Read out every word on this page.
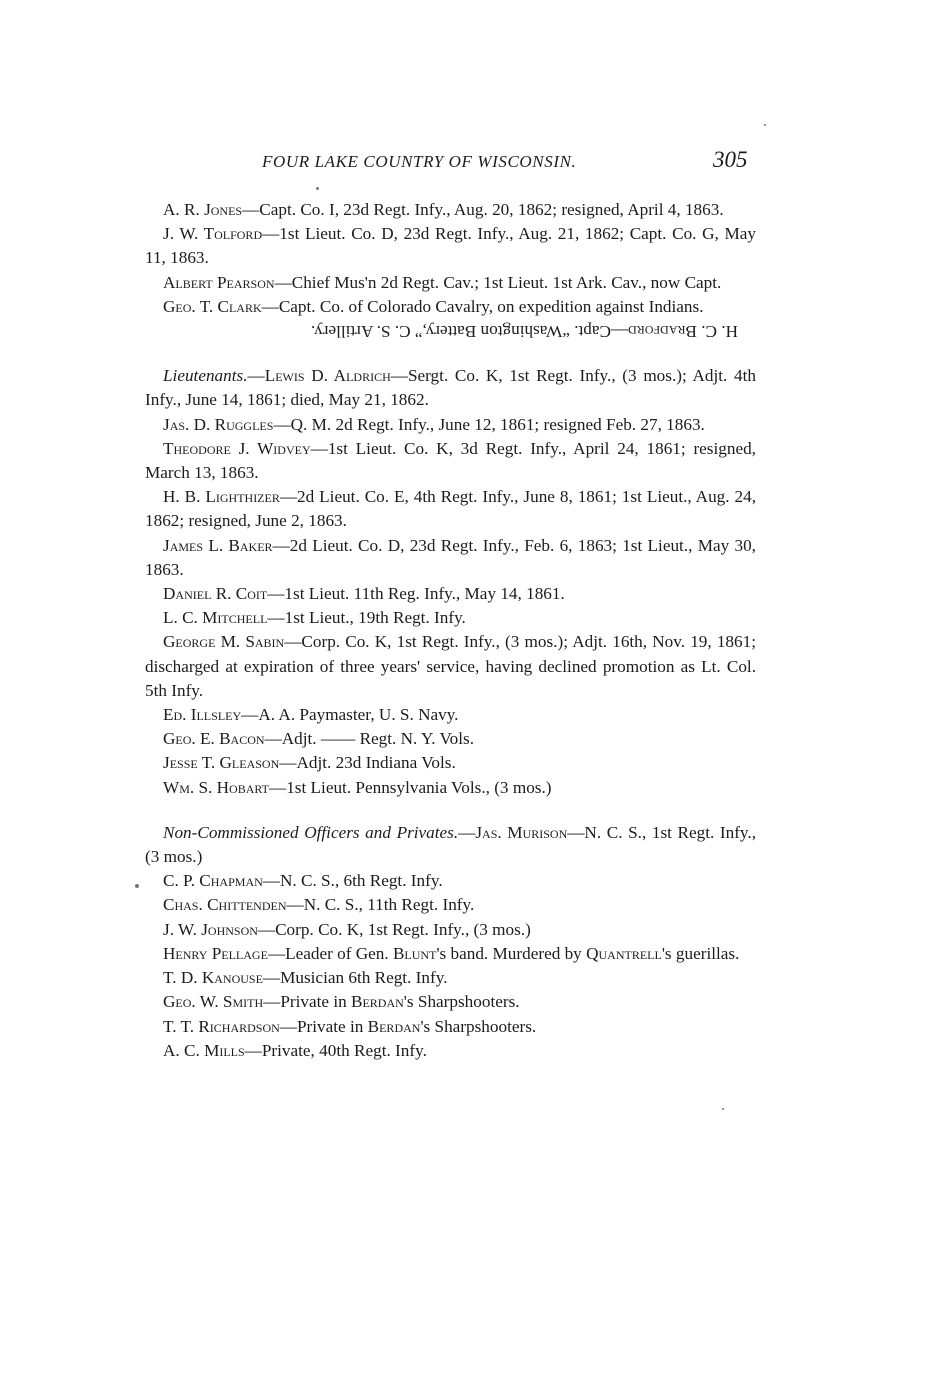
FOUR LAKE COUNTRY OF WISCONSIN.	305

A. R. Jones—Capt. Co. I, 23d Regt. Infy., Aug. 20, 1862; resigned, April 4, 1863.

J. W. Tolford—1st Lieut. Co. D, 23d Regt. Infy., Aug. 21, 1862; Capt. Co. G, May 11, 1863.

Albert Pearson—Chief Mus'n 2d Regt. Cav.; 1st Lieut. 1st Ark. Cav., now Capt.

Geo. T. Clark—Capt. Co. of Colorado Cavalry, on expedition against Indians.

H. C. Bradford—Capt. “Washington Battery,” C. S. Artillery.

Lieutenants.—Lewis D. Aldrich—Sergt. Co. K, 1st Regt. Infy., (3 mos.); Adjt. 4th Infy., June 14, 1861; died, May 21, 1862.

Jas. D. Ruggles—Q. M. 2d Regt. Infy., June 12, 1861; resigned Feb. 27, 1863.

Theodore J. Widvey—1st Lieut. Co. K, 3d Regt. Infy., April 24, 1861; resigned, March 13, 1863.

H. B. Lighthizer—2d Lieut. Co. E, 4th Regt. Infy., June 8, 1861; 1st Lieut., Aug. 24, 1862; resigned, June 2, 1863.

James L. Baker—2d Lieut. Co. D, 23d Regt. Infy., Feb. 6, 1863; 1st Lieut., May 30, 1863.

Daniel R. Coit—1st Lieut. 11th Reg. Infy., May 14, 1861.

L. C. Mitchell—1st Lieut., 19th Regt. Infy.

George M. Sabin—Corp. Co. K, 1st Regt. Infy., (3 mos.); Adjt. 16th, Nov. 19, 1861; discharged at expiration of three years' service, having declined promotion as Lt. Col. 5th Infy.

Ed. Illsley—A. A. Paymaster, U. S. Navy.

Geo. E. Bacon—Adjt. —— Regt. N. Y. Vols.

Jesse T. Gleason—Adjt. 23d Indiana Vols.

Wm. S. Hobart—1st Lieut. Pennsylvania Vols., (3 mos.)

Non-Commissioned Officers and Privates.—Jas. Murison—N. C. S., 1st Regt. Infy., (3 mos.)

C. P. Chapman—N. C. S., 6th Regt. Infy.

Chas. Chittenden—N. C. S., 11th Regt. Infy.

J. W. Johnson—Corp. Co. K, 1st Regt. Infy., (3 mos.)

Henry Pellage—Leader of Gen. Blunt's band. Murdered by Quantrell's guerillas.

T. D. Kanouse—Musician 6th Regt. Infy.

Geo. W. Smith—Private in Berdan's Sharpshooters.

T. T. Richardson—Private in Berdan's Sharpshooters.

A. C. Mills—Private, 40th Regt. Infy.
